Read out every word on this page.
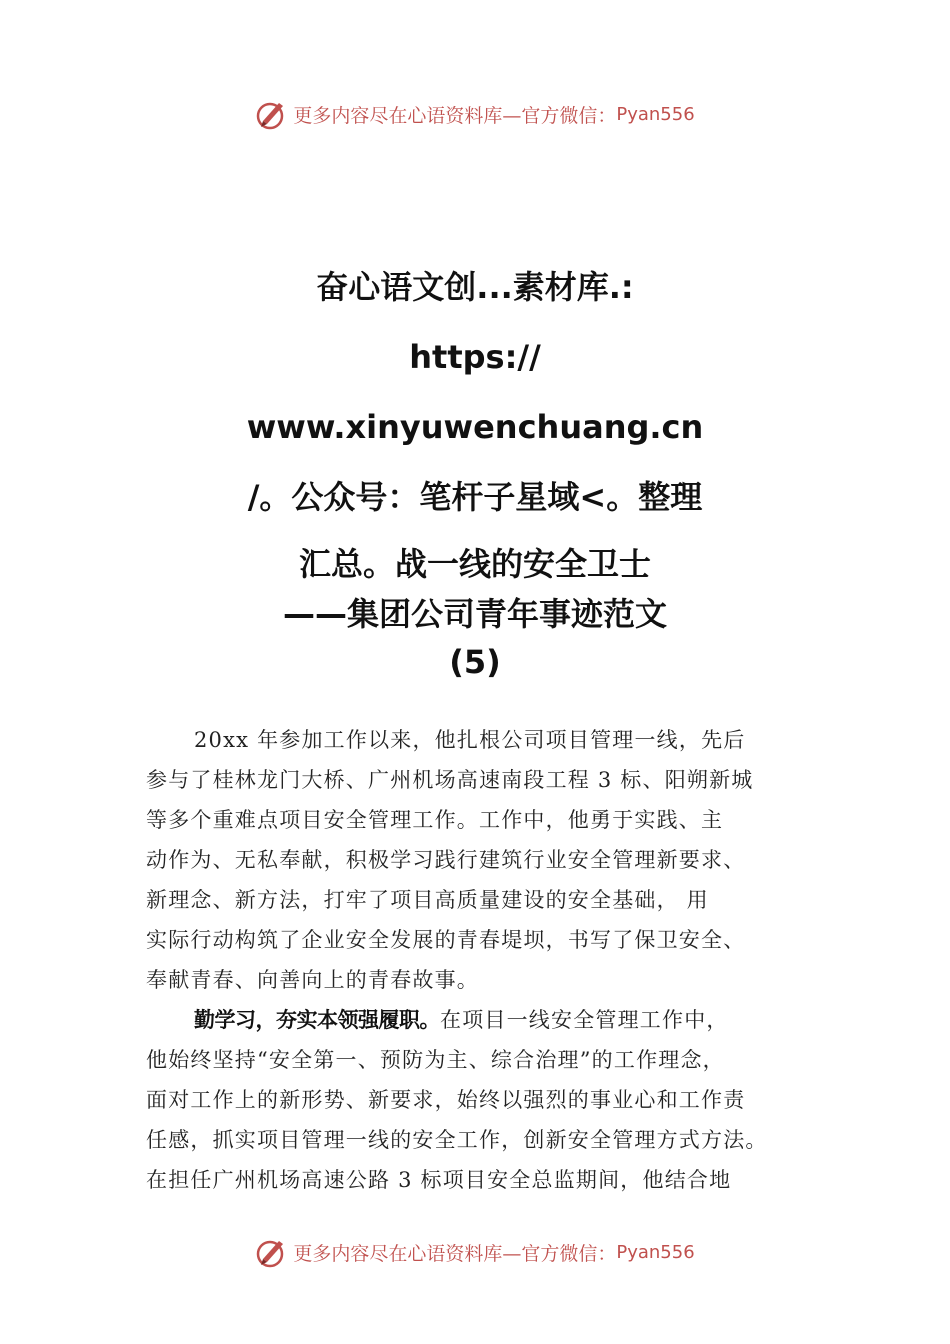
更多内容尽在心语资料库—官方微信： Pyan556
奋心语文创...素材库.:
https://
www.xinyuwenchuang.cn
/。公众号：笔杆子星域<。整理
汇总。战一线的安全卫士
——集团公司青年事迹范文
(5)
20xx 年参加工作以来，他扎根公司项目管理一线，先后
参与了桂林龙门大桥、广州机场高速南段工程 3 标、阳朔新城
等多个重难点项目安全管理工作。工作中，他勇于实践、主
动作为、无私奉献，积极学习践行建筑行业安全管理新要求、
新理念、新方法，打牢了项目高质量建设的安全基础， 用
实际行动构筑了企业安全发展的青春堤坝，书写了保卫安全、
奉献青春、向善向上的青春故事。
勤学习，夯实本领强履职。在项目一线安全管理工作中，
他始终坚持“安全第一、预防为主、综合治理”的工作理念，
面对工作上的新形势、新要求，始终以强烈的事业心和工作责
任感，抓实项目管理一线的安全工作，创新安全管理方式方法。
在担任广州机场高速公路 3 标项目安全总监期间，他结合地
更多内容尽在心语资料库—官方微信： Pyan556
